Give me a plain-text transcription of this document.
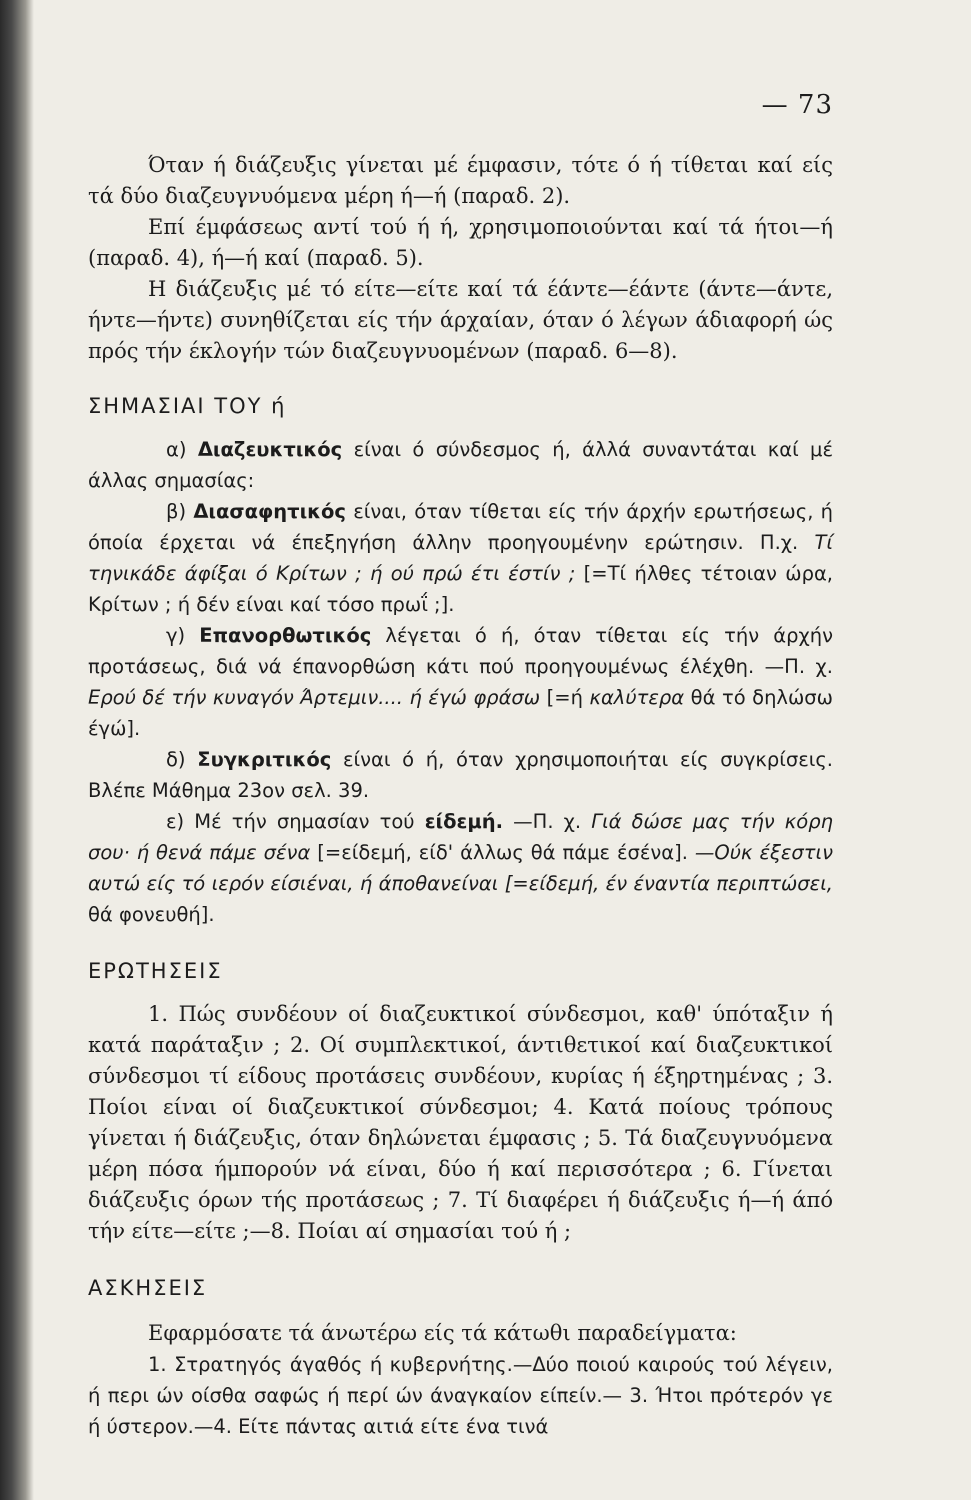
— 73

Όταν ή διάζευξις γίνεται μέ έμφασιν, τότε ό ή τίθεται καί είς τά δύο διαζευγνυόμενα μέρη ή—ή (παραδ. 2).

Επί έμφάσεως αντί τού ή ή, χρησιμοποιούνται καί τά ήτοι—ή (παραδ. 4), ή—ή καί (παραδ. 5).

Η διάζευξις μέ τό είτε—είτε καί τά έάντε—έάντε (άντε—άντε, ήντε—ήντε) συνηθίζεται είς τήν άρχαίαν, όταν ό λέγων άδιαφορή ώς πρός τήν έκλογήν τών διαζευγνυομένων (παραδ. 6—8).

ΣΗΜΑΣΙΑΙ ΤΟΥ ή

α) Διαζευκτικός είναι ό σύνδεσμος ή, άλλά συναντάται καί μέ άλλας σημασίας:

β) Διασαφητικός είναι, όταν τίθεται είς τήν άρχήν ερωτήσεως, ή όποία έρχεται νά έπεξηγήση άλλην προηγουμένην ερώτησιν. Π.χ. Τί τηνικάδε άφίξαι ό Κρίτων ; ή ού πρώ έτι έστίν ; [=Τί ήλθες τέτοιαν ώρα, Κρίτων ; ή δέν είναι καί τόσο πρωΐ ;].

γ) Επανορθωτικός λέγεται ό ή, όταν τίθεται είς τήν άρχήν προτάσεως, διά νά έπανορθώση κάτι πού προηγουμένως έλέχθη. —Π. χ. Ερού δέ τήν κυναγόν Άρτεμιν.... ή έγώ φράσω [=ή καλύτερα θά τό δηλώσω έγώ].

δ) Συγκριτικός είναι ό ή, όταν χρησιμοποιήται είς συγκρίσεις. Βλέπε Μάθημα 23ον σελ. 39.

ε) Μέ τήν σημασίαν τού είδεμή. —Π. χ. Γιά δώσε μας τήν κόρη σου· ή θενά πάμε σένα [=είδεμή, είδ' άλλως θά πάμε έσένα]. —Ούκ έξεστιν αυτώ είς τό ιερόν είσιέναι, ή άποθανείναι [=είδεμή, έν έναντία περιπτώσει, θά φονευθή].

ΕΡΩΤΗΣΕΙΣ

1. Πώς συνδέουν οί διαζευκτικοί σύνδεσμοι, καθ' ύπόταξιν ή κατά παράταξιν ; 2. Οί συμπλεκτικοί, άντιθετικοί καί διαζευκτικοί σύνδεσμοι τί είδους προτάσεις συνδέουν, κυρίας ή έξηρτημένας ; 3. Ποίοι είναι οί διαζευκτικοί σύνδεσμοι; 4. Κατά ποίους τρόπους γίνεται ή διάζευξις, όταν δηλώνεται έμφασις ; 5. Τά διαζευγνυόμενα μέρη πόσα ήμπορούν νά είναι, δύο ή καί περισσότερα ; 6. Γίνεται διάζευξις όρων τής προτάσεως ; 7. Τί διαφέρει ή διάζευξις ή—ή άπό τήν είτε—είτε ;—8. Ποίαι αί σημασίαι τού ή ;

ΑΣΚΗΣΕΙΣ

Εφαρμόσατε τά άνωτέρω είς τά κάτωθι παραδείγματα:

1. Στρατηγός άγαθός ή κυβερνήτης.—Δύο ποιού καιρούς τού λέγειν, ή περι ών οίσθα σαφώς ή περί ών άναγκαίον είπείν.— 3. Ήτοι πρότερόν γε ή ύστερον.—4. Είτε πάντας αιτιά είτε ένα τινά
